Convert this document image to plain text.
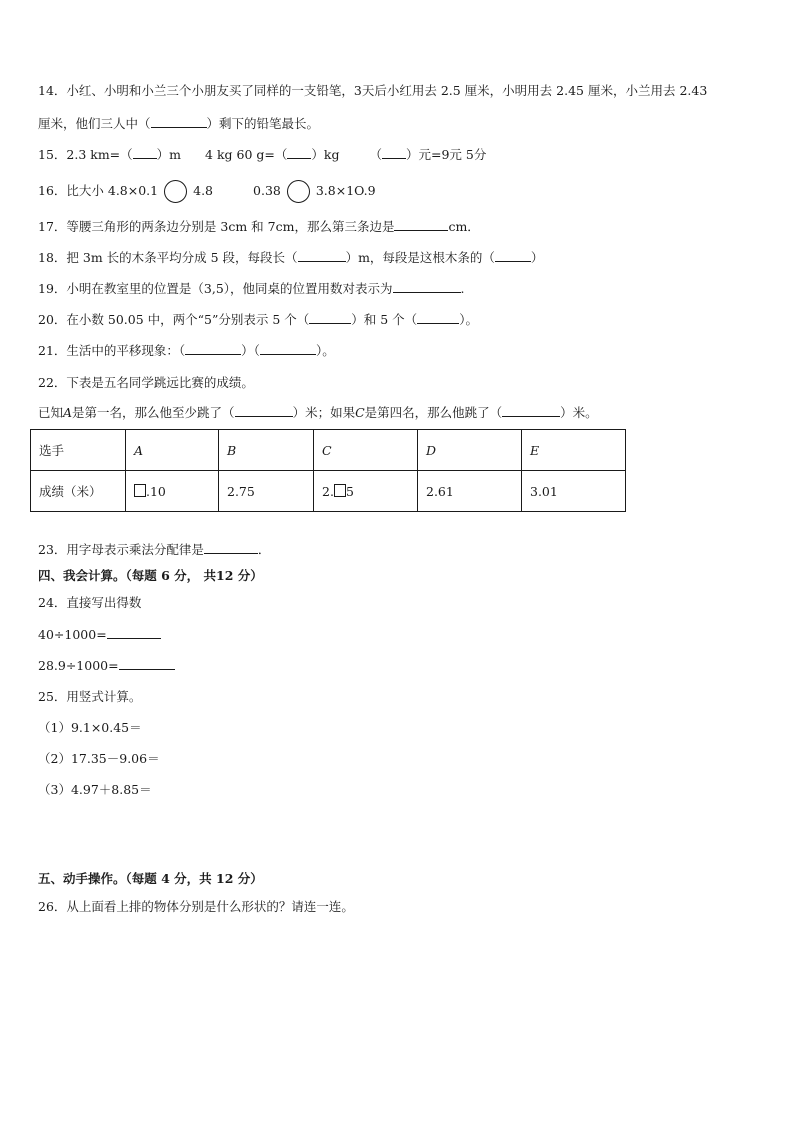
14．小红、小明和小兰三个小朋友买了同样的一支铅笔，3天后小红用去 2.5 厘米，小明用去 2.45 厘米，小兰用去 2.43
厘米，他们三人中（	）剩下的铅笔最长。
15．2.3 km=（ ）m 4 kg 60 g=（ ）kg （ ）元=9元 5分
16．比大小 4.8×0.1	4.8	0.38	3.8×1O.9
17．等腰三角形的两条边分别是 3cm 和 7cm，那么第三条边是	cm．
18．把 3m 长的木条平均分成 5 段，每段长（	）m，每段是这根木条的（	）
19．小明在教室里的位置是（3,5），他同桌的位置用数对表示为	.
20．在小数 50.05 中，两个“5”分别表示 5 个（	）和 5 个（	）。
21．生活中的平移现象：（	）（	）。
22．下表是五名同学跳远比赛的成绩。
已知A是第一名，那么他至少跳了（	）米；如果C是第四名，那么他跳了（	）米。
选手	A	B	C	D	E
成绩（米）	.10	2.75	2. 5	2.61	3.01
23．用字母表示乘法分配律是	．
四、我会计算。（每题 6 分， 共12 分）
24．直接写出得数
40÷1000=
28.9÷1000=
25．用竖式计算。
（1）9.1×0.45＝
（2）17.35－9.06＝
（3）4.97＋8.85＝
五、动手操作。（每题 4 分，共 12 分）
26．从上面看上排的物体分别是什么形状的？请连一连。
